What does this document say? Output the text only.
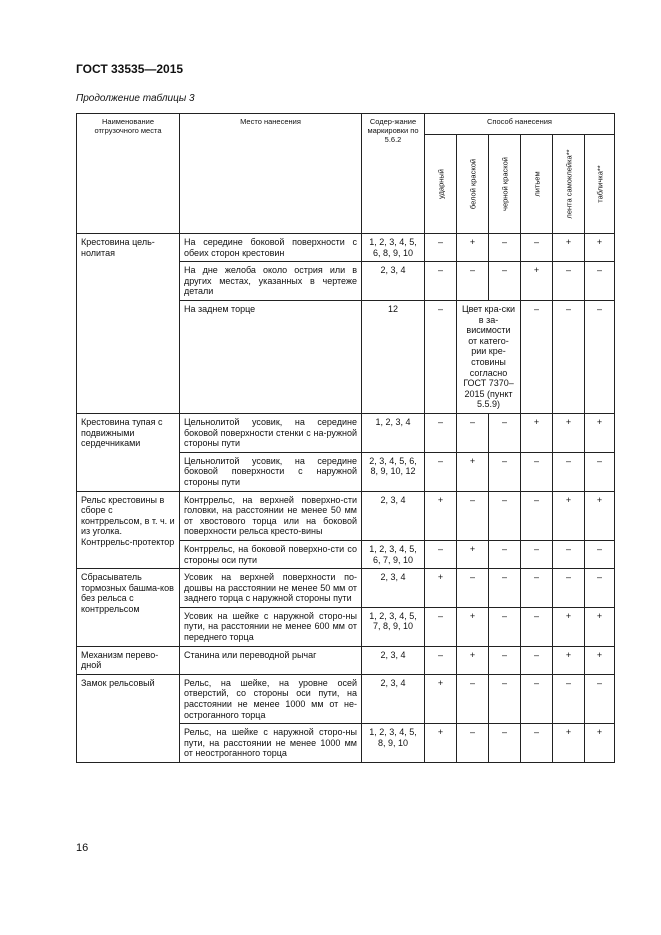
ГОСТ 33535—2015
Продолжение таблицы 3
Наименование отгрузочного места	Место нанесения	Содер-жание маркировки по 5.6.2	Способ нанесения					

			ударный	белой краской	черной краской	литьем	лента самоклейка**	табличка**

Крестовина цель-нолитая	На середине боковой поверхности с обеих сторон крестовин	1, 2, 3, 4, 5, 6, 8, 9, 10	–	+	–	–	+	+
	На дне желоба около острия или в других местах, указанных в чертеже детали	2, 3, 4	–	–	–	+	–	–
	На заднем торце	12	–	Цвет кра-ски в за-висимости от катего-рии кре-стовины согласно ГОСТ 7370–2015 (пункт 5.5.9)		–	–	–
Крестовина тупая с подвижными сердечниками	Цельнолитой усовик, на середине боковой поверхности стенки с на-ружной стороны пути	1, 2, 3, 4	–	–	–	+	+	+
	Цельнолитой усовик, на середине боковой поверхности с наружной стороны пути	2, 3, 4, 5, 6, 8, 9, 10, 12	–	+	–	–	–	–
Рельс крестовины в сборе с контррельсом, в т. ч. и из уголка. Контррельс-протектор	Контррельс, на верхней поверхно-сти головки, на расстоянии не менее 50 мм от хвостового торца или на боковой поверхности рельса кресто-вины	2, 3, 4	+	–	–	–	+	+
	Контррельс, на боковой поверхно-сти со стороны оси пути	1, 2, 3, 4, 5, 6, 7, 9, 10	–	+	–	–	–	–
Сбрасыватель тормозных башма-ков без рельса с контррельсом	Усовик на верхней поверхности по-дошвы на расстоянии не менее 50 мм от заднего торца с наружной стороны пути	2, 3, 4	+	–	–	–	–	–
	Усовик на шейке с наружной сторо-ны пути, на расстоянии не менее 600 мм от переднего торца	1, 2, 3, 4, 5, 7, 8, 9, 10	–	+	–	–	+	+
Механизм перево-дной	Станина или переводной рычаг	2, 3, 4	–	+	–	–	+	+
Замок рельсовый	Рельс, на шейке, на уровне осей отверстий, со стороны оси пути, на расстоянии не менее 1000 мм от не-остроганного торца	2, 3, 4	+	–	–	–	–	–
	Рельс, на шейке с наружной сторо-ны пути, на расстоянии не менее 1000 мм от неостроганного торца	1, 2, 3, 4, 5, 8, 9, 10	+	–	–	–	+	+
16
